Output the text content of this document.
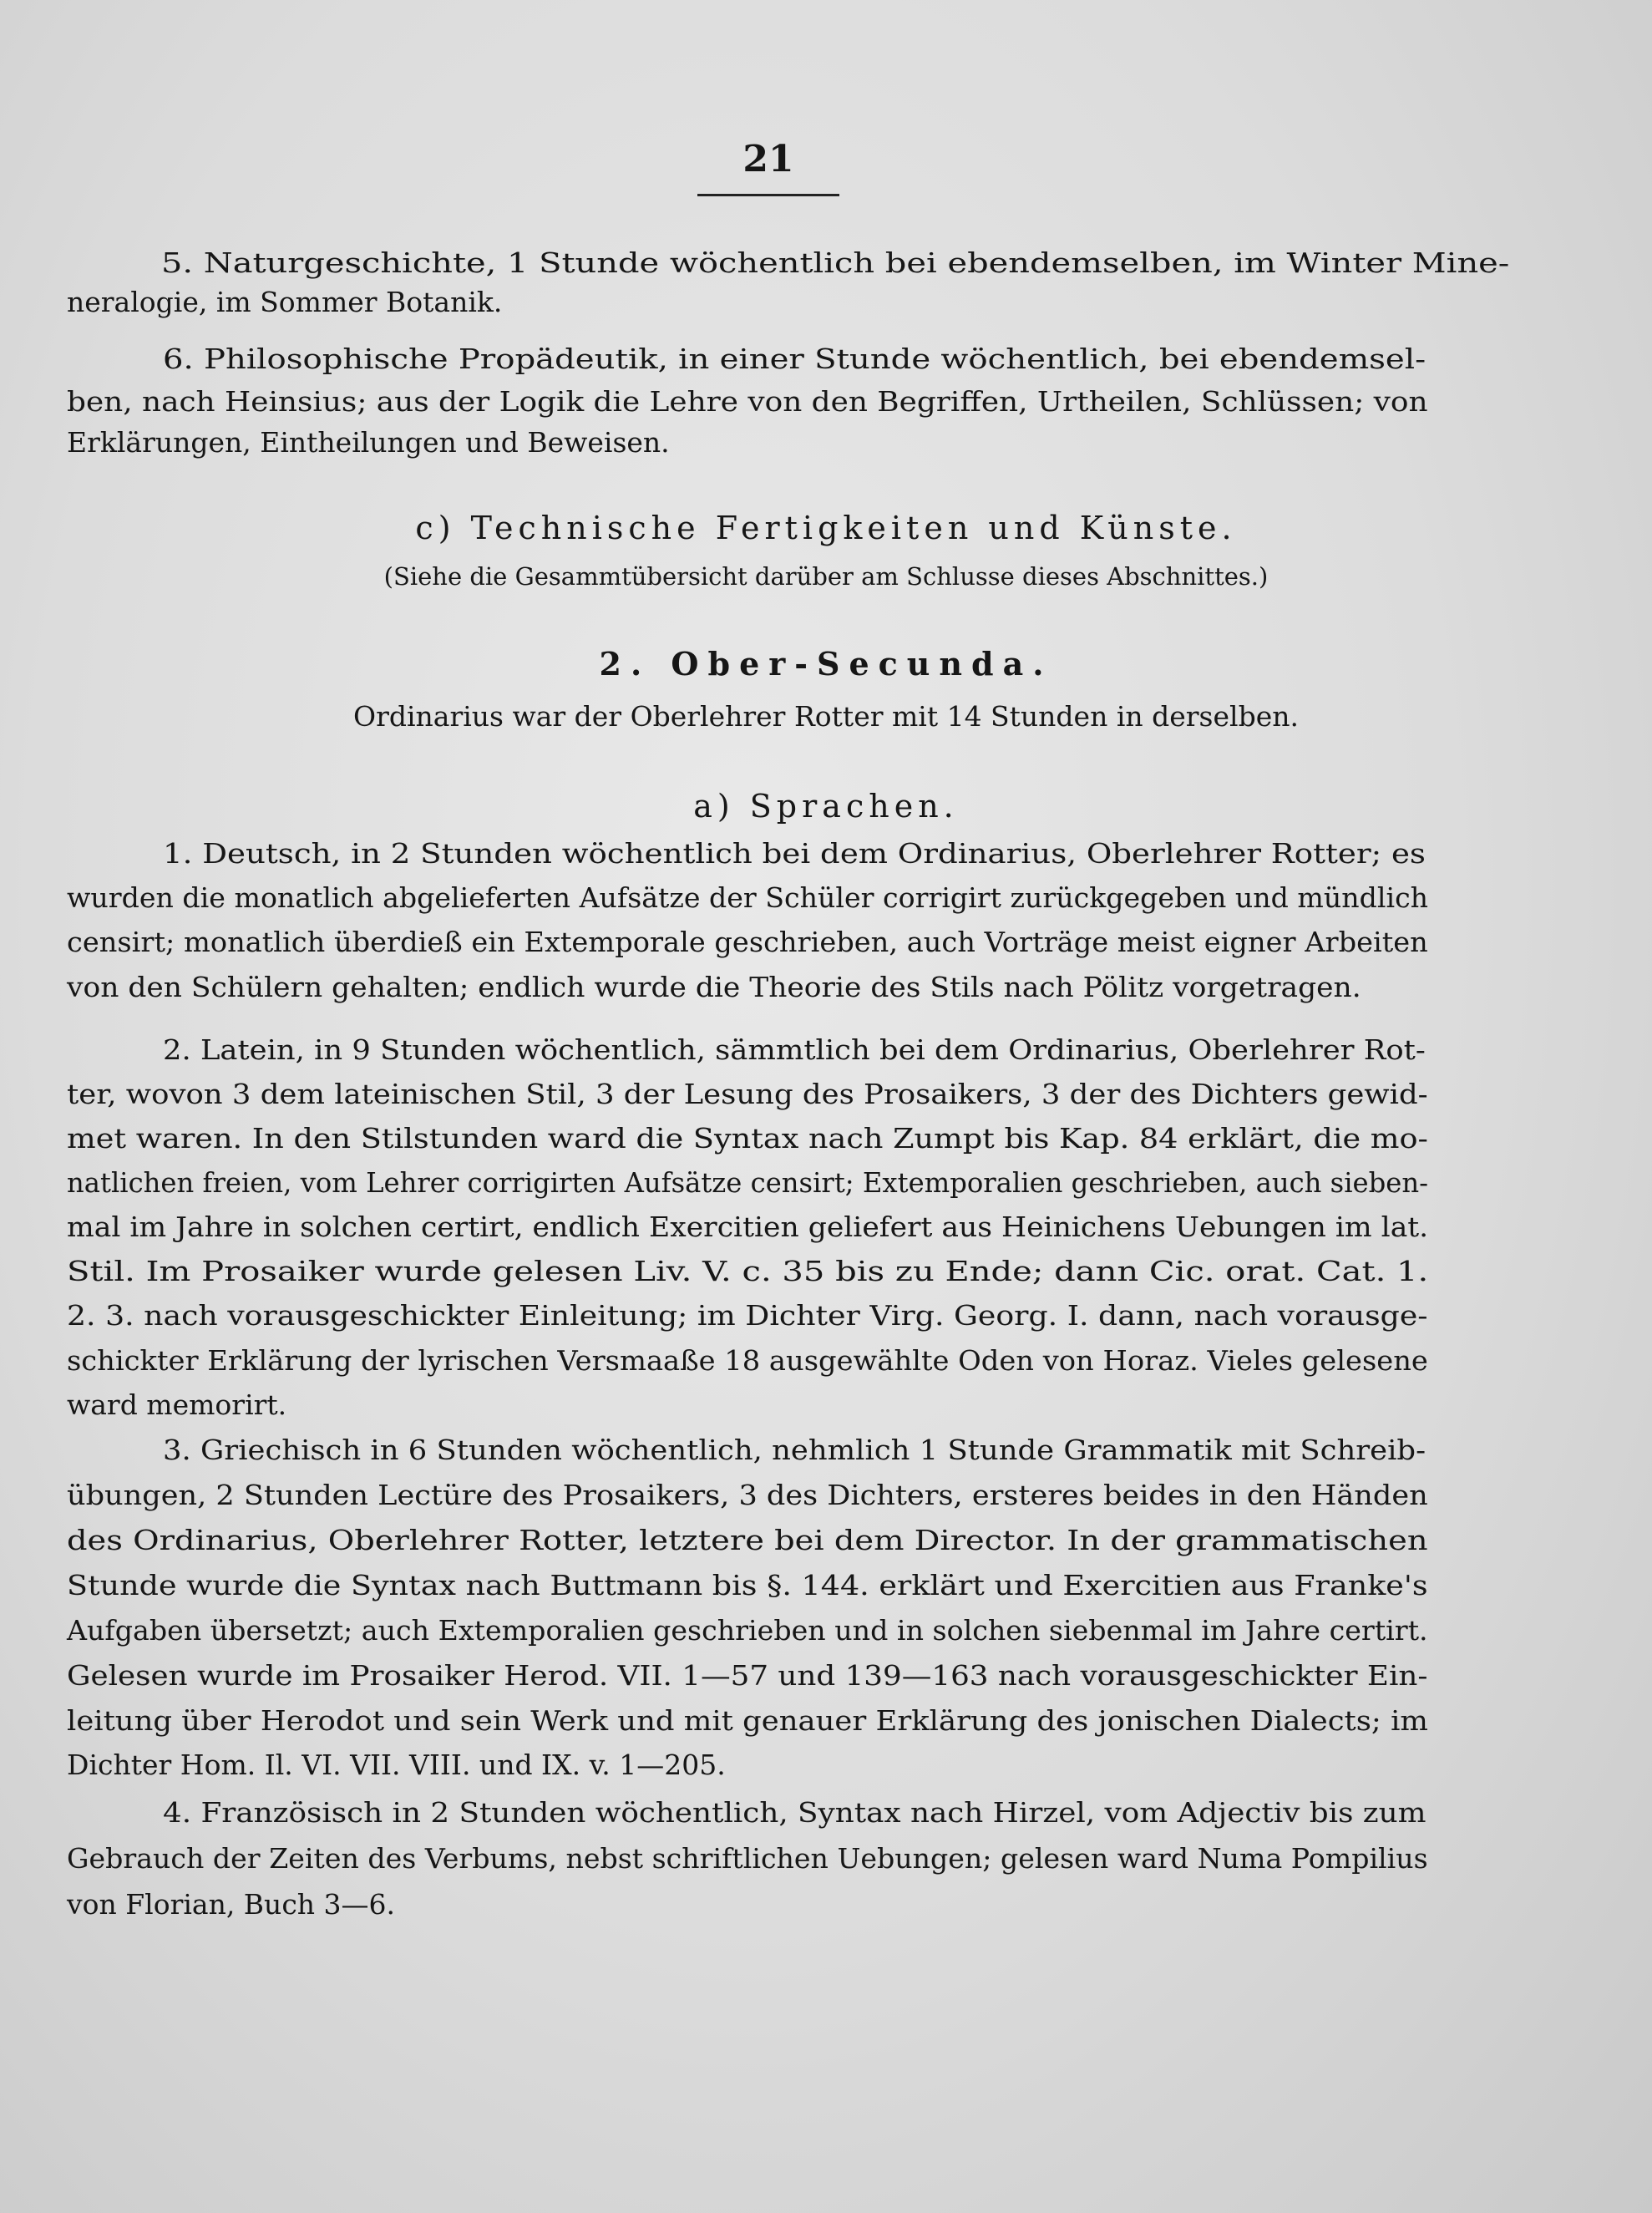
21
5. Naturgeschichte, 1 Stunde wöchentlich bei ebendemselben, im Winter Mine-
neralogie, im Sommer Botanik.
6. Philosophische Propädeutik, in einer Stunde wöchentlich, bei ebendemsel-
ben, nach Heinsius; aus der Logik die Lehre von den Begriffen, Urtheilen, Schlüssen; von
Erklärungen, Eintheilungen und Beweisen.
c) Technische Fertigkeiten und Künste.
(Siehe die Gesammtübersicht darüber am Schlusse dieses Abschnittes.)
2. Ober-Secunda.
Ordinarius war der Oberlehrer Rotter mit 14 Stunden in derselben.
a) Sprachen.
1. Deutsch, in 2 Stunden wöchentlich bei dem Ordinarius, Oberlehrer Rotter; es
wurden die monatlich abgelieferten Aufsätze der Schüler corrigirt zurückgegeben und mündlich
censirt; monatlich überdieß ein Extemporale geschrieben, auch Vorträge meist eigner Arbeiten
von den Schülern gehalten; endlich wurde die Theorie des Stils nach Pölitz vorgetragen.
2. Latein, in 9 Stunden wöchentlich, sämmtlich bei dem Ordinarius, Oberlehrer Rot-
ter, wovon 3 dem lateinischen Stil, 3 der Lesung des Prosaikers, 3 der des Dichters gewid-
met waren. In den Stilstunden ward die Syntax nach Zumpt bis Kap. 84 erklärt, die mo-
natlichen freien, vom Lehrer corrigirten Aufsätze censirt; Extemporalien geschrieben, auch sieben-
mal im Jahre in solchen certirt, endlich Exercitien geliefert aus Heinichens Uebungen im lat.
Stil. Im Prosaiker wurde gelesen Liv. V. c. 35 bis zu Ende; dann Cic. orat. Cat. 1.
2. 3. nach vorausgeschickter Einleitung; im Dichter Virg. Georg. I. dann, nach vorausge-
schickter Erklärung der lyrischen Versmaaße 18 ausgewählte Oden von Horaz. Vieles gelesene
ward memorirt.
3. Griechisch in 6 Stunden wöchentlich, nehmlich 1 Stunde Grammatik mit Schreib-
übungen, 2 Stunden Lectüre des Prosaikers, 3 des Dichters, ersteres beides in den Händen
des Ordinarius, Oberlehrer Rotter, letztere bei dem Director. In der grammatischen
Stunde wurde die Syntax nach Buttmann bis §. 144. erklärt und Exercitien aus Franke's
Aufgaben übersetzt; auch Extemporalien geschrieben und in solchen siebenmal im Jahre certirt.
Gelesen wurde im Prosaiker Herod. VII. 1—57 und 139—163 nach vorausgeschickter Ein-
leitung über Herodot und sein Werk und mit genauer Erklärung des jonischen Dialects; im
Dichter Hom. Il. VI. VII. VIII. und IX. v. 1—205.
4. Französisch in 2 Stunden wöchentlich, Syntax nach Hirzel, vom Adjectiv bis zum
Gebrauch der Zeiten des Verbums, nebst schriftlichen Uebungen; gelesen ward Numa Pompilius
von Florian, Buch 3—6.
